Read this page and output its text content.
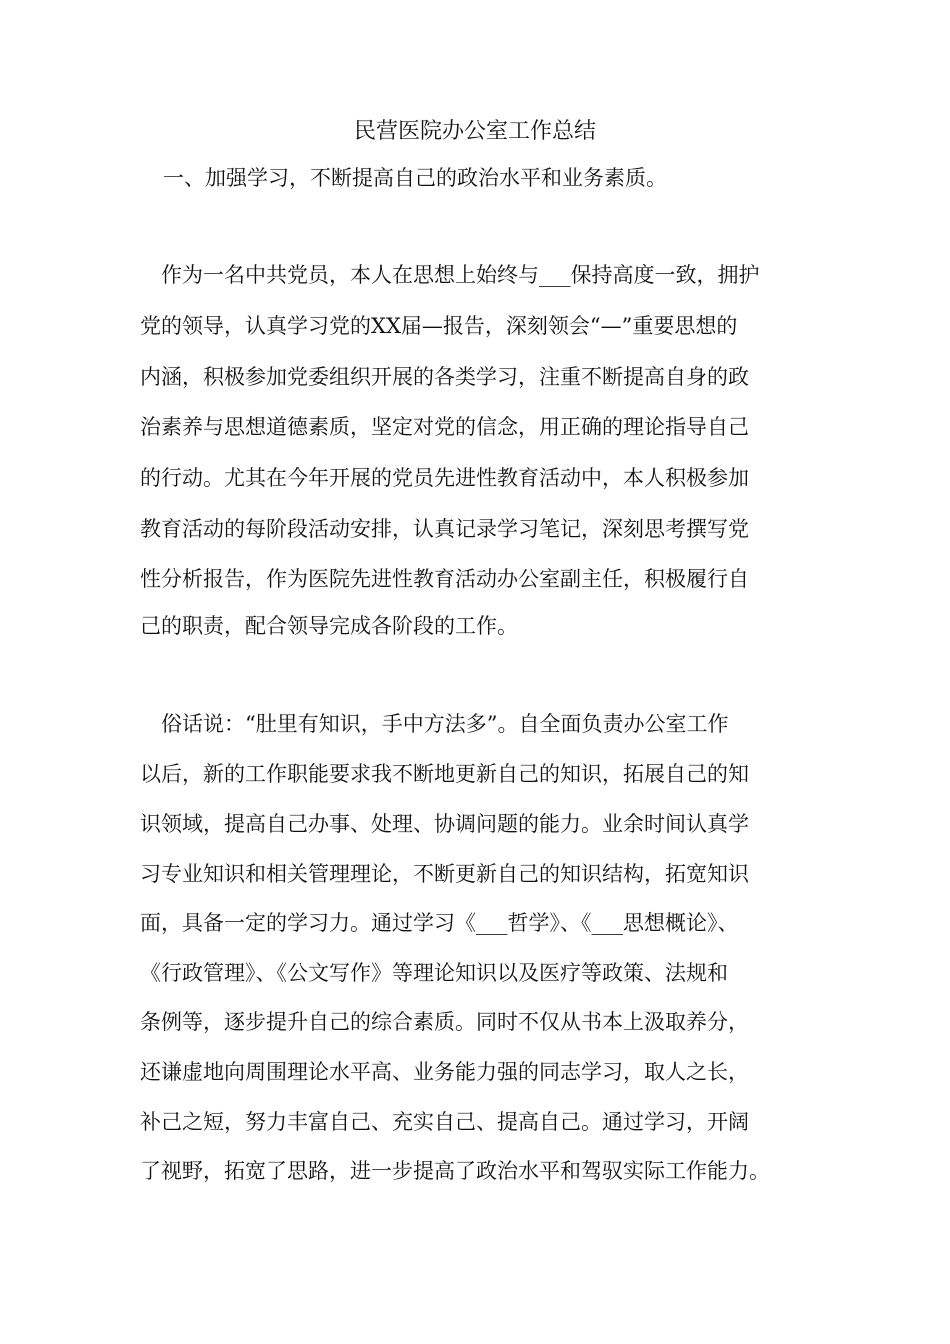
民营医院办公室工作总结
一、加强学习，不断提高自己的政治水平和业务素质。
　作为一名中共党员，本人在思想上始终与___保持高度一致，拥护
党的领导，认真学习党的XX届—报告，深刻领会“—”重要思想的
内涵，积极参加党委组织开展的各类学习，注重不断提高自身的政
治素养与思想道德素质，坚定对党的信念，用正确的理论指导自己
的行动。尤其在今年开展的党员先进性教育活动中，本人积极参加
教育活动的每阶段活动安排，认真记录学习笔记，深刻思考撰写党
性分析报告，作为医院先进性教育活动办公室副主任，积极履行自
己的职责，配合领导完成各阶段的工作。
　俗话说：“肚里有知识，手中方法多”。自全面负责办公室工作
以后，新的工作职能要求我不断地更新自己的知识，拓展自己的知
识领域，提高自己办事、处理、协调问题的能力。业余时间认真学
习专业知识和相关管理理论，不断更新自己的知识结构，拓宽知识
面，具备一定的学习力。通过学习《___哲学》、《___思想概论》、
《行政管理》、《公文写作》等理论知识以及医疗等政策、法规和
条例等，逐步提升自己的综合素质。同时不仅从书本上汲取养分，
还谦虚地向周围理论水平高、业务能力强的同志学习，取人之长，
补己之短，努力丰富自己、充实自己、提高自己。通过学习，开阔
了视野，拓宽了思路，进一步提高了政治水平和驾驭实际工作能力。
